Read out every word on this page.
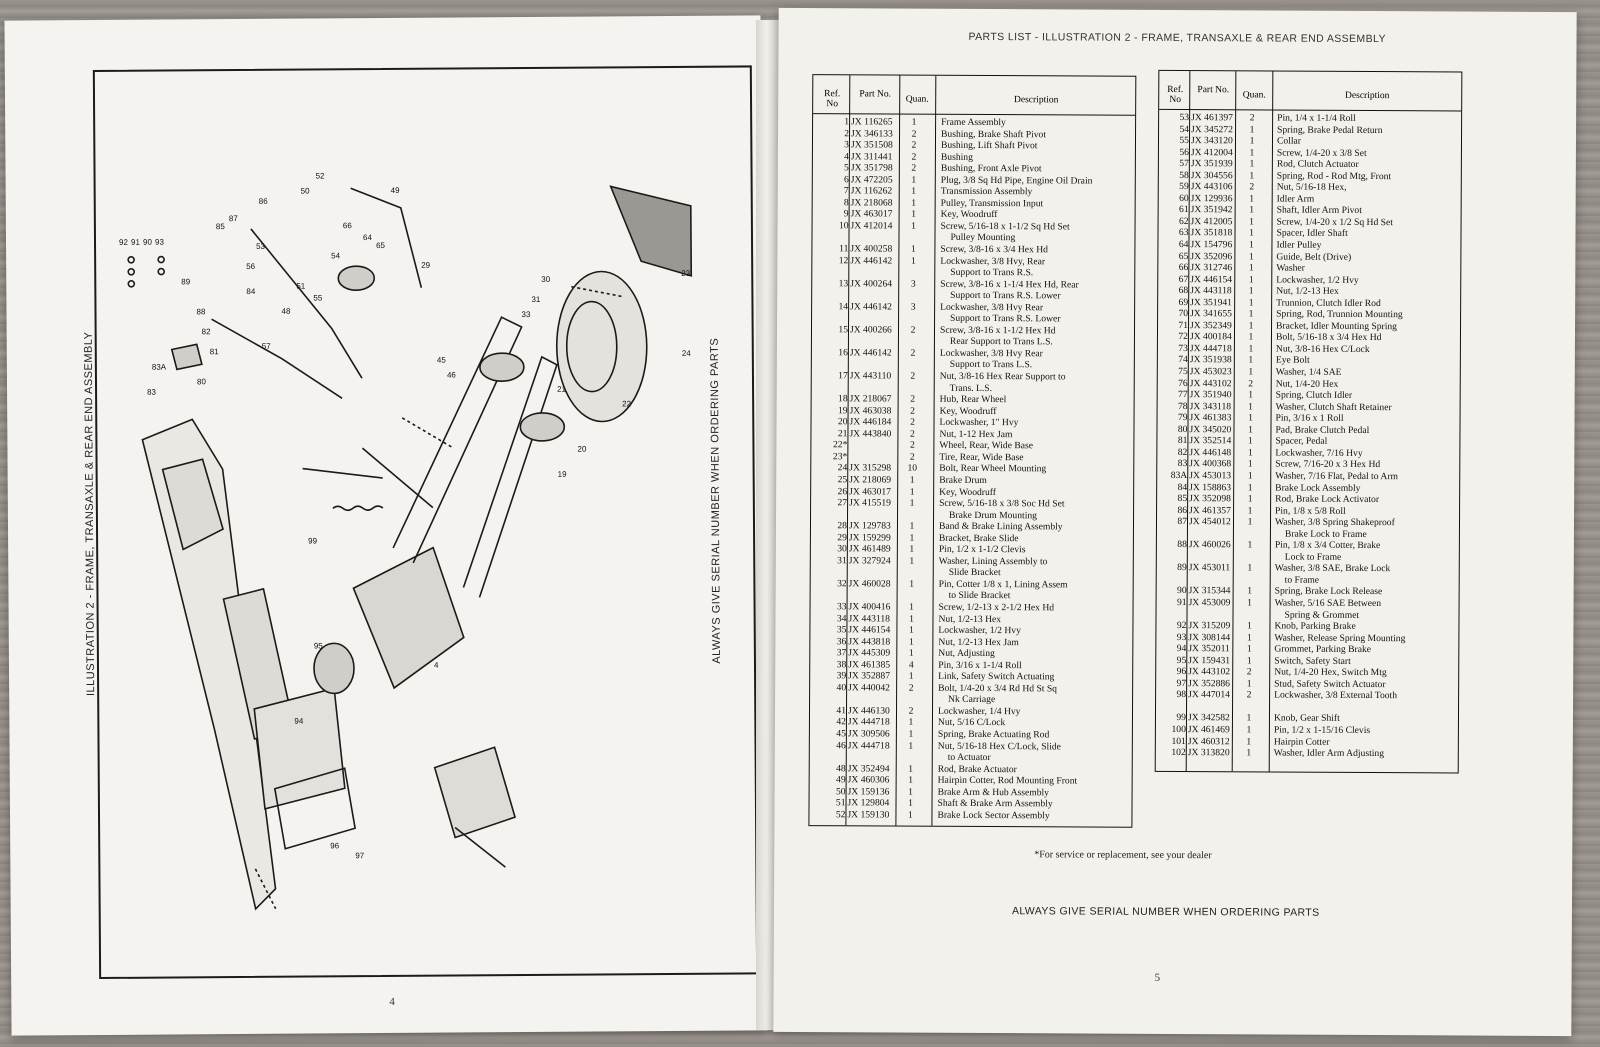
ILLUSTRATION 2 - FRAME, TRANSAXLE & REAR END ASSEMBLY	ALWAYS GIVE SERIAL NUMBER WHEN ORDERING PARTS
92 91 90 93
86
85
87
88
89
82
83A
83
80
81
84
56
53
52
50	49
48
55
57
51
54
64
65
66
29
30
31
33
45
46
21
22
23
24
20
19
4
99
96
97
95
94
4
PARTS LIST - ILLUSTRATION 2 - FRAME, TRANSAXLE & REAR END ASSEMBLY
Ref. No
Part No.
Quan.	Description
1 JX 116265	1	Frame Assembly
2 JX 346133	2	Bushing, Brake Shaft Pivot
3 JX 351508	2	Bushing, Lift Shaft Pivot
4 JX 311441	2	Bushing
5 JX 351798	2	Bushing, Front Axle Pivot
6 JX 472205	1	Plug, 3/8 Sq Hd Pipe, Engine Oil Drain
7 JX 116262	1	Transmission Assembly
8 JX 218068	1	Pulley, Transmission Input
9 JX 463017	1	Key, Woodruff
10 JX 412014	1	Screw, 5/16-18 x 1-1/2 Sq Hd Set
Pulley Mounting
11 JX 400258	1	Screw, 3/8-16 x 3/4 Hex Hd
12 JX 446142	1	Lockwasher, 3/8 Hvy, Rear
Support to Trans R.S.
13 JX 400264	3	Screw, 3/8-16 x 1-1/4 Hex Hd, Rear
Support to Trans R.S. Lower
14 JX 446142	3	Lockwasher, 3/8 Hvy Rear
Support to Trans R.S. Lower
15 JX 400266	2	Screw, 3/8-16 x 1-1/2 Hex Hd
Rear Support to Trans L.S.
16 JX 446142	2	Lockwasher, 3/8 Hvy Rear
Support to Trans L.S.
17 JX 443110	2	Nut, 3/8-16 Hex Rear Support to
Trans. L.S.
18 JX 218067	2	Hub, Rear Wheel
19 JX 463038	2	Key, Woodruff
20 JX 446184	2	Lockwasher, 1" Hvy
21 JX 443840	2	Nut, 1-12 Hex Jam
22*	2	Wheel, Rear, Wide Base
23*	2	Tire, Rear, Wide Base
24 JX 315298	10	Bolt, Rear Wheel Mounting
25 JX 218069	1	Brake Drum
26 JX 463017	1	Key, Woodruff
27 JX 415519	1	Screw, 5/16-18 x 3/8 Soc Hd Set
Brake Drum Mounting
28 JX 129783	1	Band & Brake Lining Assembly
29 JX 159299	1	Bracket, Brake Slide
30 JX 461489	1	Pin, 1/2 x 1-1/2 Clevis
31 JX 327924	1	Washer, Lining Assembly to
Slide Bracket
32 JX 460028	1	Pin, Cotter 1/8 x 1, Lining Assem
to Slide Bracket
33 JX 400416	1	Screw, 1/2-13 x 2-1/2 Hex Hd
34 JX 443118	1	Nut, 1/2-13 Hex
35 JX 446154	1	Lockwasher, 1/2 Hvy
36 JX 443818	1	Nut, 1/2-13 Hex Jam
37 JX 445309	1	Nut, Adjusting
38 JX 461385	4	Pin, 3/16 x 1-1/4 Roll
39 JX 352887	1	Link, Safety Switch Actuating
40 JX 440042	2	Bolt, 1/4-20 x 3/4 Rd Hd St Sq
Nk Carriage
41 JX 446130	2	Lockwasher, 1/4 Hvy
42 JX 444718	1	Nut, 5/16 C/Lock
45 JX 309506	1	Spring, Brake Actuating Rod
46 JX 444718	1	Nut, 5/16-18 Hex C/Lock, Slide
to Actuator
48 JX 352494	1	Rod, Brake Actuator
49 JX 460306	1	Hairpin Cotter, Rod Mounting Front
50 JX 159136	1	Brake Arm & Hub Assembly
51 JX 129804	1	Shaft & Brake Arm Assembly
52 JX 159130	1	Brake Lock Sector Assembly
Ref. No
Part No.
Quan.	Description
53 JX 461397	2	Pin, 1/4 x 1-1/4 Roll
54 JX 345272	1	Spring, Brake Pedal Return
55 JX 343120	1	Collar
56 JX 412004	1	Screw, 1/4-20 x 3/8 Set
57 JX 351939	1	Rod, Clutch Actuator
58 JX 304556	1	Spring, Rod - Rod Mtg, Front
59 JX 443106	2	Nut, 5/16-18 Hex,
60 JX 129936	1	Idler Arm
61 JX 351942	1	Shaft, Idler Arm Pivot
62 JX 412005	1	Screw, 1/4-20 x 1/2 Sq Hd Set
63 JX 351818	1	Spacer, Idler Shaft
64 JX 154796	1	Idler Pulley
65 JX 352096	1	Guide, Belt (Drive)
66 JX 312746	1	Washer
67 JX 446154	1	Lockwasher, 1/2 Hvy
68 JX 443118	1	Nut, 1/2-13 Hex
69 JX 351941	1	Trunnion, Clutch Idler Rod
70 JX 341655	1	Spring, Rod, Trunnion Mounting
71 JX 352349	1	Bracket, Idler Mounting Spring
72 JX 400184	1	Bolt, 5/16-18 x 3/4 Hex Hd
73 JX 444718	1	Nut, 3/8-16 Hex C/Lock
74 JX 351938	1	Eye Bolt
75 JX 453023	1	Washer, 1/4 SAE
76 JX 443102	2	Nut, 1/4-20 Hex
77 JX 351940	1	Spring, Clutch Idler
78 JX 343118	1	Washer, Clutch Shaft Retainer
79 JX 461383	1	Pin, 3/16 x 1 Roll
80 JX 345020	1	Pad, Brake Clutch Pedal
81 JX 352514	1	Spacer, Pedal
82 JX 446148	1	Lockwasher, 7/16 Hvy
83 JX 400368	1	Screw, 7/16-20 x 3 Hex Hd
83A JX 453013	1	Washer, 7/16 Flat, Pedal to Arm
84 JX 158863	1	Brake Lock Assembly
85 JX 352098	1	Rod, Brake Lock Activator
86 JX 461357	1	Pin, 1/8 x 5/8 Roll
87 JX 454012	1	Washer, 3/8 Spring Shakeproof
Brake Lock to Frame
88 JX 460026	1	Pin, 1/8 x 3/4 Cotter, Brake
Lock to Frame
89 JX 453011	1	Washer, 3/8 SAE, Brake Lock
to Frame
90 JX 315344	1	Spring, Brake Lock Release
91 JX 453009	1	Washer, 5/16 SAE Between
Spring & Grommet
92 JX 315209	1	Knob, Parking Brake
93 JX 308144	1	Washer, Release Spring Mounting
94 JX 352011	1	Grommet, Parking Brake
95 JX 159431	1	Switch, Safety Start
96 JX 443102	2	Nut, 1/4-20 Hex, Switch Mtg
97 JX 352886	1	Stud, Safety Switch Actuator
98 JX 447014	2	Lockwasher, 3/8 External Tooth
99 JX 342582	1	Knob, Gear Shift
100 JX 461469	1	Pin, 1/2 x 1-15/16 Clevis
101 JX 460312	1	Hairpin Cotter
102 JX 313820	1	Washer, Idler Arm Adjusting
*For service or replacement, see your dealer
ALWAYS GIVE SERIAL NUMBER WHEN ORDERING PARTS
5
